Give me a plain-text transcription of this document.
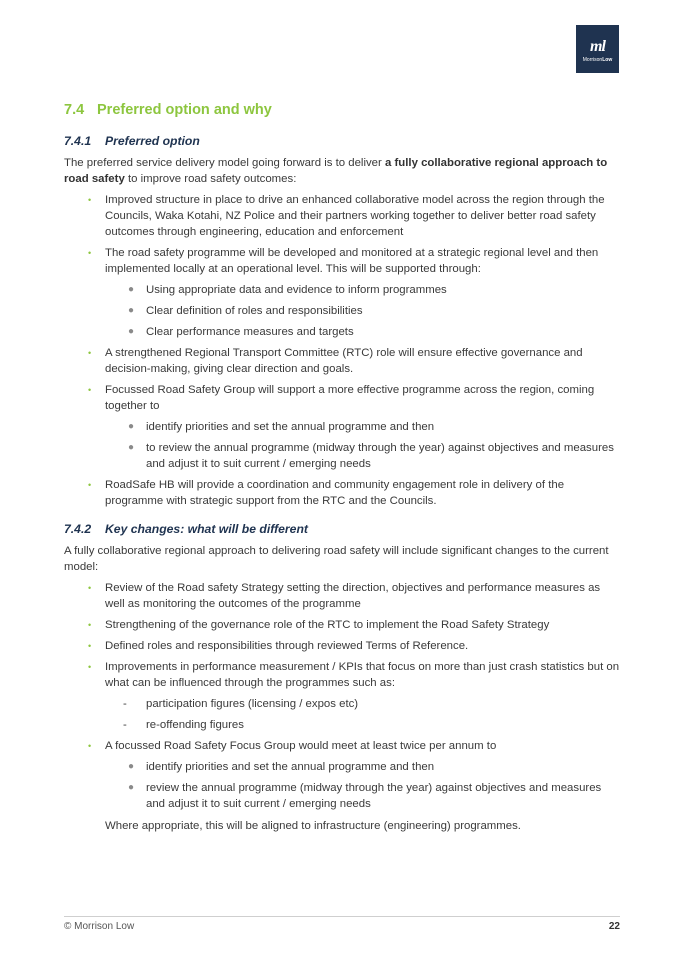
ml
MorrisonLow
7.4 Preferred option and why
7.4.1 Preferred option

The preferred service delivery model going forward is to deliver a fully collaborative regional approach to road safety to improve road safety outcomes:

• Improved structure in place to drive an enhanced collaborative model across the region through the Councils, Waka Kotahi, NZ Police and their partners working together to deliver better road safety outcomes through engineering, education and enforcement
• The road safety programme will be developed and monitored at a strategic regional level and then implemented locally at an operational level. This will be supported through:
● Using appropriate data and evidence to inform programmes
● Clear definition of roles and responsibilities
● Clear performance measures and targets
• A strengthened Regional Transport Committee (RTC) role will ensure effective governance and decision-making, giving clear direction and goals.
• Focussed Road Safety Group will support a more effective programme across the region, coming together to
● identify priorities and set the annual programme and then
● to review the annual programme (midway through the year) against objectives and measures and adjust it to suit current / emerging needs
• RoadSafe HB will provide a coordination and community engagement role in delivery of the programme with strategic support from the RTC and the Councils.
7.4.2 Key changes: what will be different

A fully collaborative regional approach to delivering road safety will include significant changes to the current model:

• Review of the Road safety Strategy setting the direction, objectives and performance measures as well as monitoring the outcomes of the programme
• Strengthening of the governance role of the RTC to implement the Road Safety Strategy
• Defined roles and responsibilities through reviewed Terms of Reference.
• Improvements in performance measurement / KPIs that focus on more than just crash statistics but on what can be influenced through the programmes such as:
- participation figures (licensing / expos etc)
- re-offending figures
• A focussed Road Safety Focus Group would meet at least twice per annum to
● identify priorities and set the annual programme and then
● review the annual programme (midway through the year) against objectives and measures and adjust it to suit current / emerging needs

Where appropriate, this will be aligned to infrastructure (engineering) programmes.

© Morrison Low	22
